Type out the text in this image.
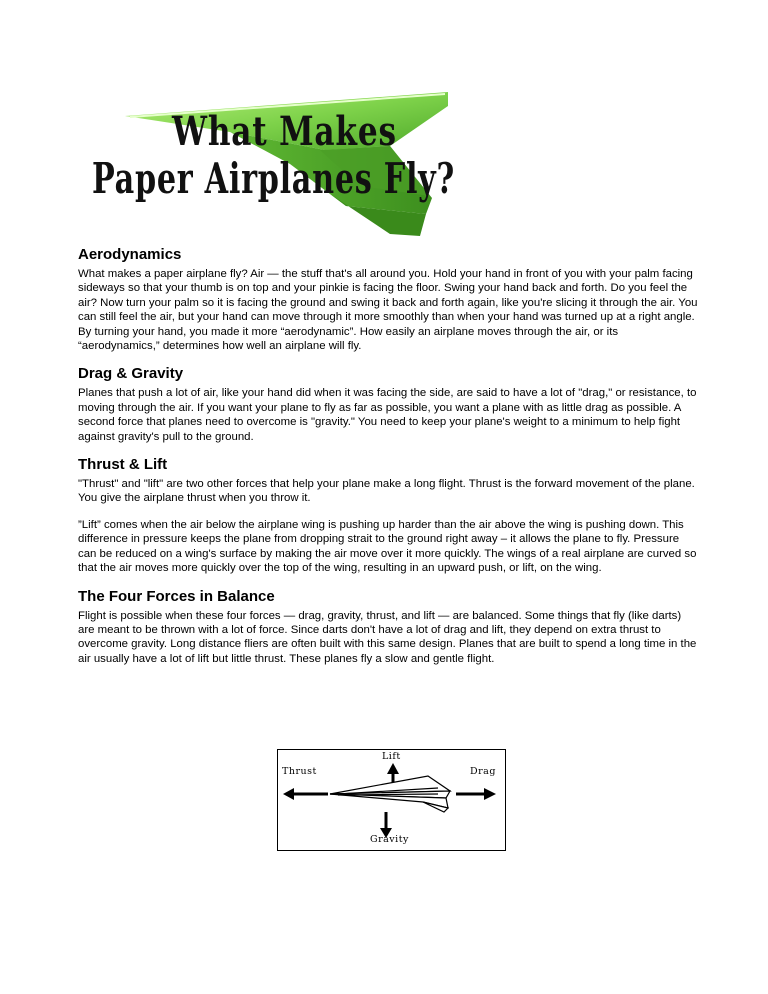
What Makes
Paper Airplanes Fly?
Aerodynamics

What makes a paper airplane fly? Air — the stuff that's all around you. Hold your hand in front of you with your palm facing sideways so that your thumb is on top and your pinkie is facing the floor. Swing your hand back and forth. Do you feel the air? Now turn your palm so it is facing the ground and swing it back and forth again, like you're slicing it through the air. You can still feel the air, but your hand can move through it more smoothly than when your hand was turned up at a right angle. By turning your hand, you made it more “aerodynamic”. How easily an airplane moves through the air, or its “aerodynamics,” determines how well an airplane will fly.

Drag & Gravity

Planes that push a lot of air, like your hand did when it was facing the side, are said to have a lot of "drag," or resistance, to moving through the air. If you want your plane to fly as far as possible, you want a plane with as little drag as possible. A second force that planes need to overcome is "gravity." You need to keep your plane's weight to a minimum to help fight against gravity's pull to the ground.

Thrust & Lift

"Thrust" and "lift" are two other forces that help your plane make a long flight. Thrust is the forward movement of the plane. You give the airplane thrust when you throw it.

”Lift” comes when the air below the airplane wing is pushing up harder than the air above the wing is pushing down. This difference in pressure keeps the plane from dropping strait to the ground right away – it allows the plane to fly. Pressure can be reduced on a wing's surface by making the air move over it more quickly. The wings of a real airplane are curved so that the air moves more quickly over the top of the wing, resulting in an upward push, or lift, on the wing.

The Four Forces in Balance

Flight is possible when these four forces — drag, gravity, thrust, and lift — are balanced. Some things that fly (like darts) are meant to be thrown with a lot of force. Since darts don't have a lot of drag and lift, they depend on extra thrust to overcome gravity. Long distance fliers are often built with this same design. Planes that are built to spend a long time in the air usually have a lot of lift but little thrust. These planes fly a slow and gentle flight.

Lift
Thrust	Drag
Gravity
